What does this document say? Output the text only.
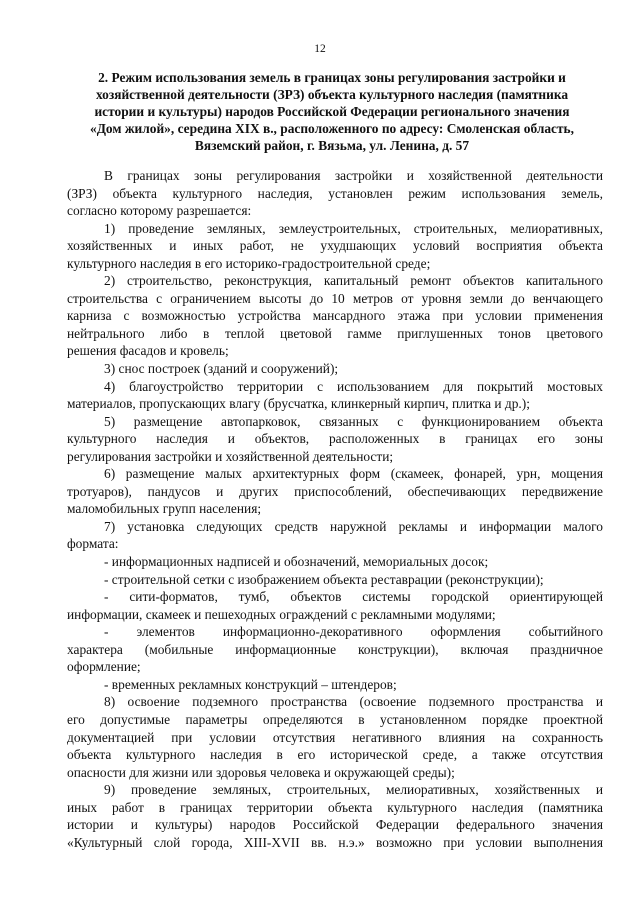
12
2. Режим использования земель в границах зоны регулирования застройки и
хозяйственной деятельности (ЗРЗ) объекта культурного наследия (памятника
истории и культуры) народов Российской Федерации регионального значения
«Дом жилой», середина XIX в., расположенного по адресу: Смоленская область,
Вяземский район, г. Вязьма, ул. Ленина, д. 57
В границах зоны регулирования застройки и хозяйственной деятельности
(ЗРЗ) объекта культурного наследия, установлен режим использования земель,
согласно которому разрешается:
1) проведение земляных, землеустроительных, строительных, мелиоративных,
хозяйственных и иных работ, не ухудшающих условий восприятия объекта
культурного наследия в его историко-градостроительной среде;
2) строительство, реконструкция, капитальный ремонт объектов капитального
строительства с ограничением высоты до 10 метров от уровня земли до венчающего
карниза с возможностью устройства мансардного этажа при условии применения
нейтрального либо в теплой цветовой гамме приглушенных тонов цветового
решения фасадов и кровель;
3) снос построек (зданий и сооружений);
4) благоустройство территории с использованием для покрытий мостовых
материалов, пропускающих влагу (брусчатка, клинкерный кирпич, плитка и др.);
5) размещение автопарковок, связанных с функционированием объекта
культурного наследия и объектов, расположенных в границах его зоны
регулирования застройки и хозяйственной деятельности;
6) размещение малых архитектурных форм (скамеек, фонарей, урн, мощения
тротуаров), пандусов и других приспособлений, обеспечивающих передвижение
маломобильных групп населения;
7) установка следующих средств наружной рекламы и информации малого
формата:
- информационных надписей и обозначений, мемориальных досок;
- строительной сетки с изображением объекта реставрации (реконструкции);
- сити-форматов, тумб, объектов системы городской ориентирующей
информации, скамеек и пешеходных ограждений с рекламными модулями;
- элементов информационно-декоративного оформления событийного
характера (мобильные информационные конструкции), включая праздничное
оформление;
- временных рекламных конструкций – штендеров;
8) освоение подземного пространства (освоение подземного пространства и
его допустимые параметры определяются в установленном порядке проектной
документацией при условии отсутствия негативного влияния на сохранность
объекта культурного наследия в его исторической среде, а также отсутствия
опасности для жизни или здоровья человека и окружающей среды);
9) проведение земляных, строительных, мелиоративных, хозяйственных и
иных работ в границах территории объекта культурного наследия (памятника
истории и культуры) народов Российской Федерации федерального значения
«Культурный слой города, XIII-XVII вв. н.э.» возможно при условии выполнения
